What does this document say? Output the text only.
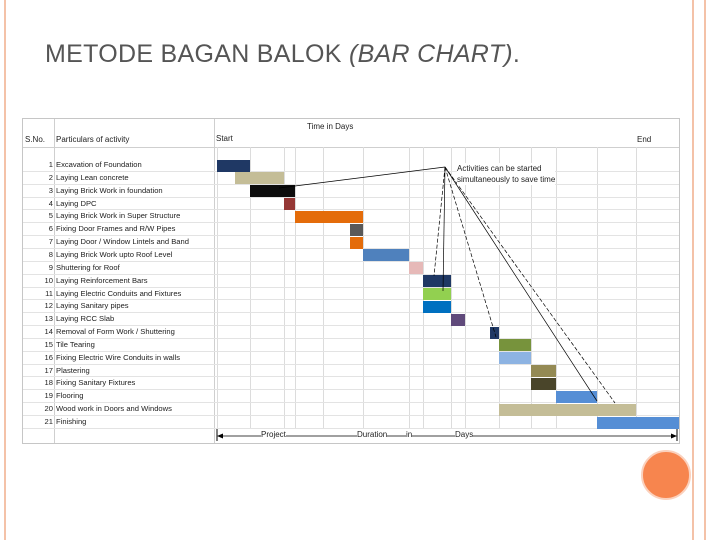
METODE BAGAN BALOK (BAR CHART).
S.No. Particulars of activity	Start
Time in Days
End
1 Excavation of Foundation
2 Laying Lean concrete
3 Laying Brick Work in foundation
4 Laying DPC
5 Laying Brick Work in Super Structure
6 Fixing Door Frames and R/W Pipes
7 Laying Door / Window Lintels and Band
8 Laying Brick Work upto Roof Level
9 Shuttering for Roof
10 Laying Reinforcement Bars
11 Laying Electric Conduits and Fixtures
12 Laying Sanitary pipes
13 Laying RCC Slab
14 Removal of Form Work / Shuttering
15 Tile Tearing
16 Fixing Electric Wire Conduits in walls
17 Plastering
18 Fixing Sanitary Fixtures
19 Flooring
20 Wood work in Doors and Windows
21 Finishing
Activities can be started
simultaneously to save time
Project	Duration in	Days
